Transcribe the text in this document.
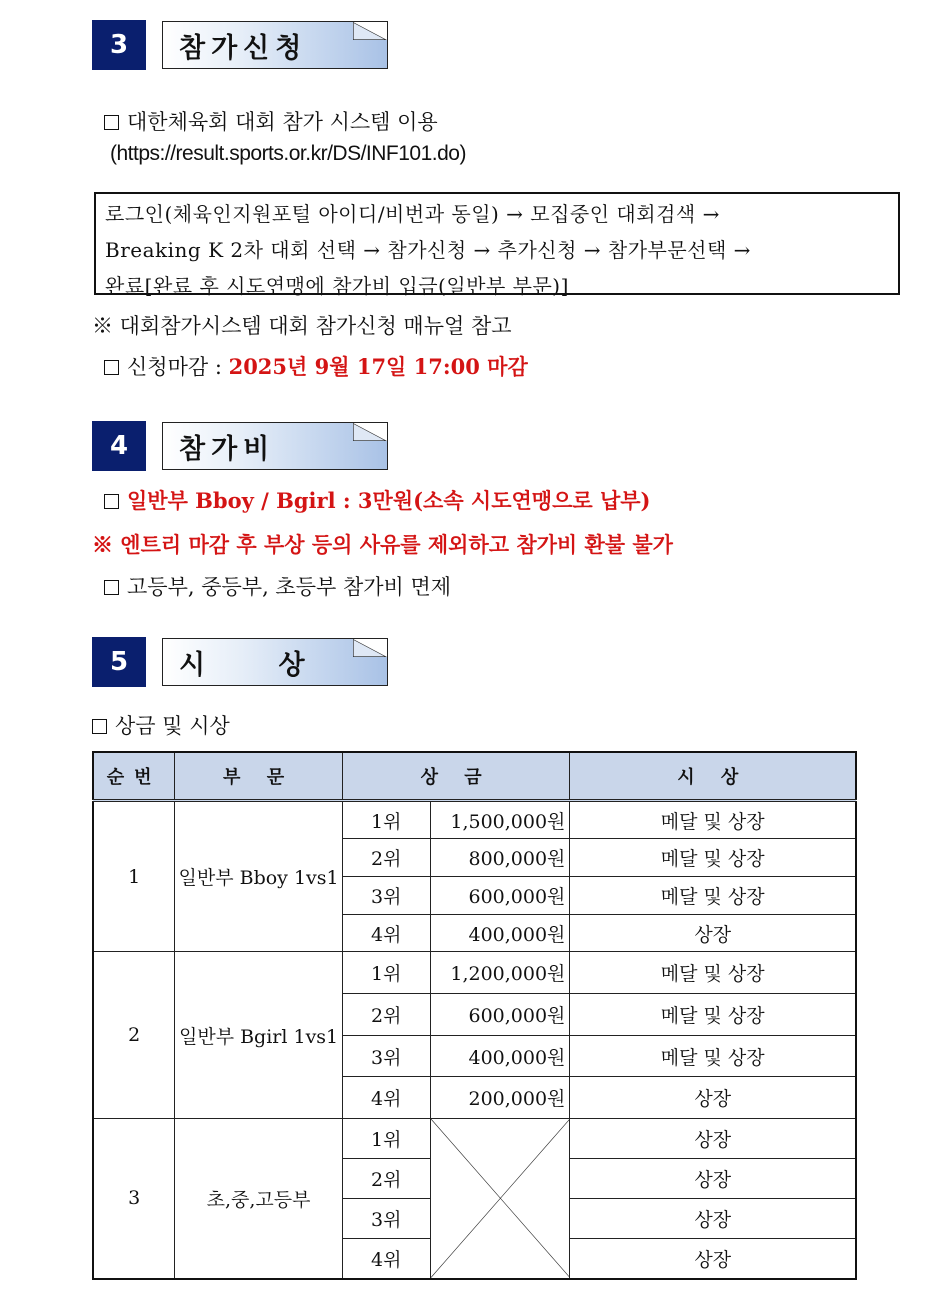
3	참가신청
대한체육회 대회 참가 시스템 이용
(https://result.sports.or.kr/DS/INF101.do)
로그인(체육인지원포털 아이디/비번과 동일) → 모집중인 대회검색 →
Breaking K 2차 대회 선택 → 참가신청 → 추가신청 → 참가부문선택 →
완료[완료 후 시도연맹에 참가비 입금(일반부 부문)]
※ 대회참가시스템 대회 참가신청 매뉴얼 참고
신청마감 : 2025년 9월 17일 17:00 마감
4	참가비
일반부 Bboy / Bgirl : 3만원(소속 시도연맹으로 납부)
※ 엔트리 마감 후 부상 등의 사유를 제외하고 참가비 환불 불가
고등부, 중등부, 초등부 참가비 면제
5	시 상
상금 및 시상
순번	부 문	상 금		시 상
1	일반부 Bboy 1vs1	1위	1,500,000원	메달 및 상장
		2위	800,000원	메달 및 상장
		3위	600,000원	메달 및 상장
		4위	400,000원	상장
2	일반부 Bgirl 1vs1	1위	1,200,000원	메달 및 상장
		2위	600,000원	메달 및 상장
		3위	400,000원	메달 및 상장
		4위	200,000원	상장
3	초,중,고등부	1위		상장
		2위		상장
		3위		상장
		4위		상장
